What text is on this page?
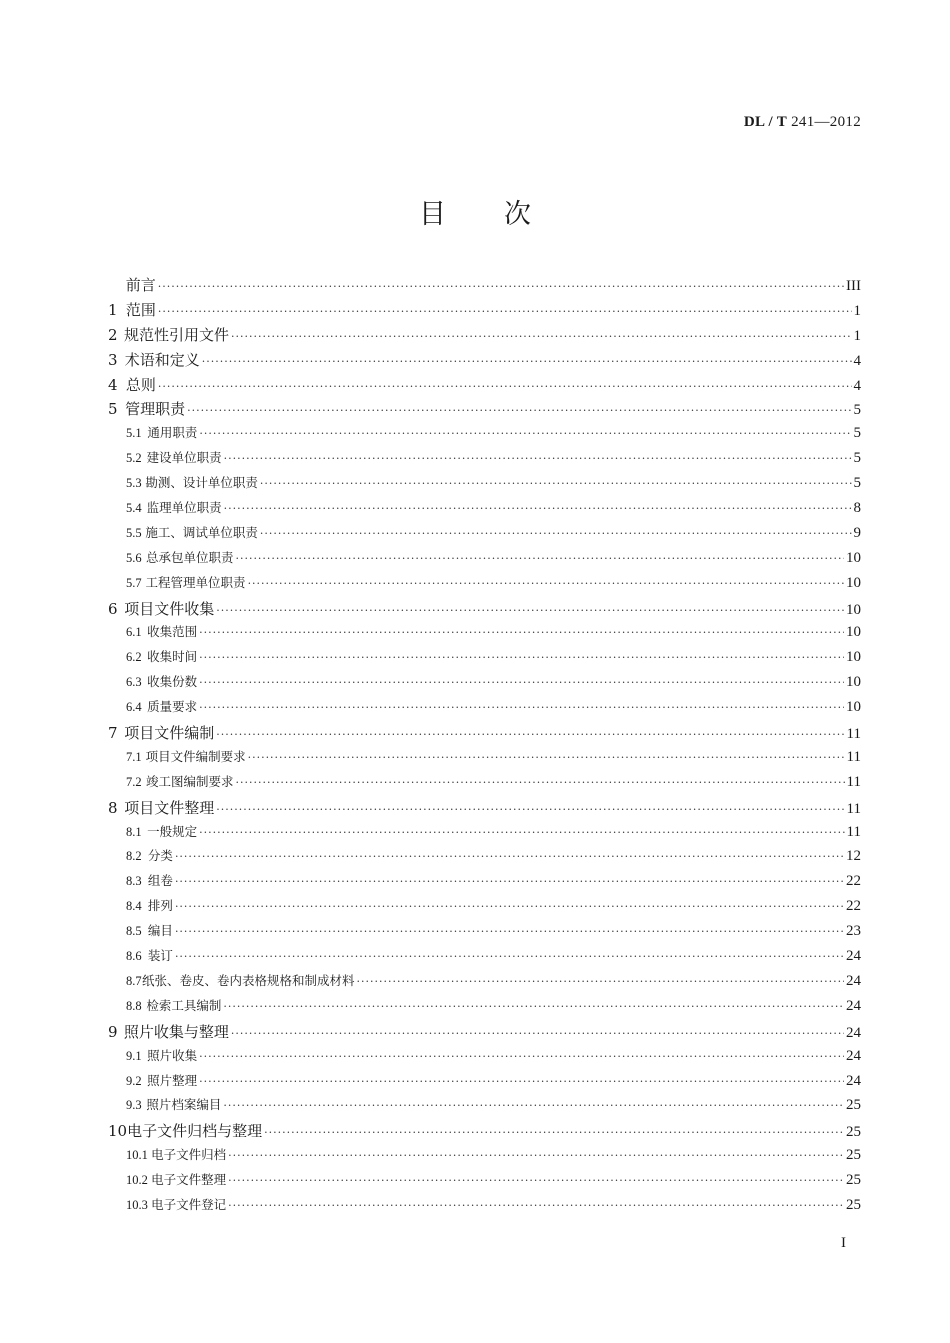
DL / T 241—2012
目次
前言 ·····	III
1 范围 ·····	1
2 规范性引用文件 ·····	1
3 术语和定义 ·····	4
4 总则 ·····	4
5 管理职责 ·····	5
5.1 通用职责 ·····	5
5.2 建设单位职责 ·····	5
5.3 勘测、设计单位职责 ·····	5
5.4 监理单位职责 ·····	8
5.5 施工、调试单位职责 ·····	9
5.6 总承包单位职责 ·····	10
5.7 工程管理单位职责 ·····	10
6 项目文件收集 ·····	10
6.1 收集范围 ·····	10
6.2 收集时间 ·····	10
6.3 收集份数 ·····	10
6.4 质量要求 ·····	10
7 项目文件编制 ·····	11
7.1 项目文件编制要求 ·····	11
7.2 竣工图编制要求 ·····	11
8 项目文件整理 ·····	11
8.1 一般规定 ·····	11
8.2 分类 ·····	12
8.3 组卷 ·····	22
8.4 排列 ·····	22
8.5 编目 ·····	23
8.6 装订 ·····	24
8.7 纸张、卷皮、卷内表格规格和制成材料 ·····	24
8.8 检索工具编制 ·····	24
9 照片收集与整理 ·····	24
9.1 照片收集 ·····	24
9.2 照片整理 ·····	24
9.3 照片档案编目 ·····	25
10 电子文件归档与整理 ·····	25
10.1 电子文件归档 ·····	25
10.2 电子文件整理 ·····	25
10.3 电子文件登记 ·····	25
I
